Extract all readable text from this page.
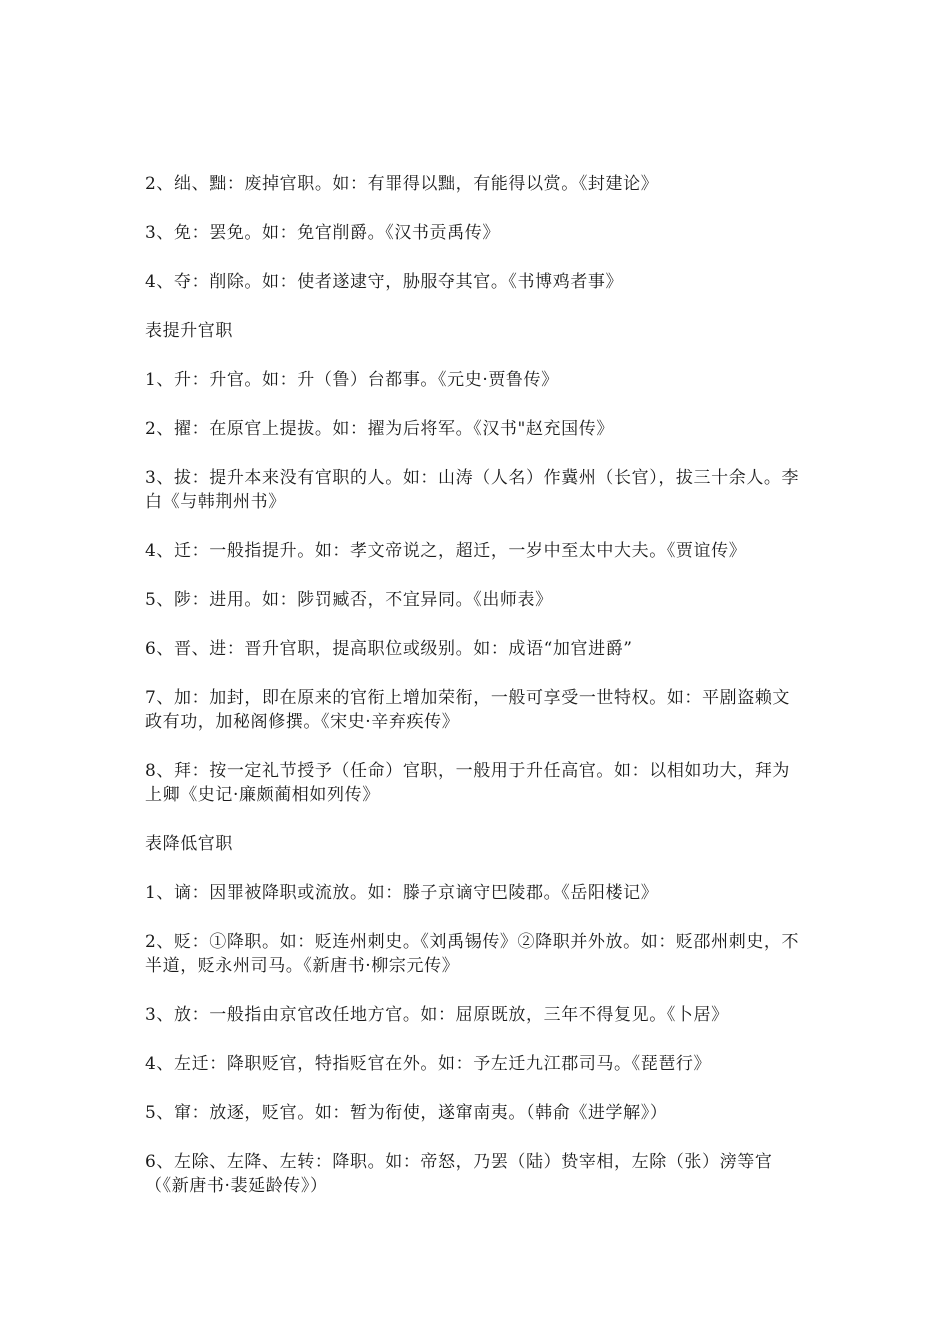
2、绌、黜：废掉官职。如：有罪得以黜，有能得以赏。《封建论》

3、免：罢免。如：免官削爵。《汉书贡禹传》

4、夺：削除。如：使者遂逮守，胁服夺其官。《书博鸡者事》

表提升官职

1、升：升官。如：升（鲁）台都事。《元史·贾鲁传》

2、擢：在原官上提拔。如：擢为后将军。《汉书"赵充国传》

3、拔：提升本来没有官职的人。如：山涛（人名）作冀州（长官），拔三十余人。李白《与韩荆州书》

4、迁：一般指提升。如：孝文帝说之，超迁，一岁中至太中大夫。《贾谊传》

5、陟：进用。如：陟罚臧否，不宜异同。《出师表》

6、晋、进：晋升官职，提高职位或级别。如：成语“加官进爵”

7、加：加封，即在原来的官衔上增加荣衔，一般可享受一世特权。如：平剧盗赖文政有功，加秘阁修撰。《宋史·辛弃疾传》

8、拜：按一定礼节授予（任命）官职，一般用于升任高官。如：以相如功大，拜为上卿《史记·廉颇蔺相如列传》

表降低官职

1、谪：因罪被降职或流放。如：滕子京谪守巴陵郡。《岳阳楼记》

2、贬：①降职。如：贬连州刺史。《刘禹锡传》②降职并外放。如：贬邵州刺史，不半道，贬永州司马。《新唐书·柳宗元传》

3、放：一般指由京官改任地方官。如：屈原既放，三年不得复见。《卜居》

4、左迁：降职贬官，特指贬官在外。如：予左迁九江郡司马。《琵琶行》

5、窜：放逐，贬官。如：暂为衔使，遂窜南夷。（韩俞《进学解》）

6、左除、左降、左转：降职。如：帝怒，乃罢（陆）贽宰相，左除（张）滂等官（《新唐书·裴延龄传》）
